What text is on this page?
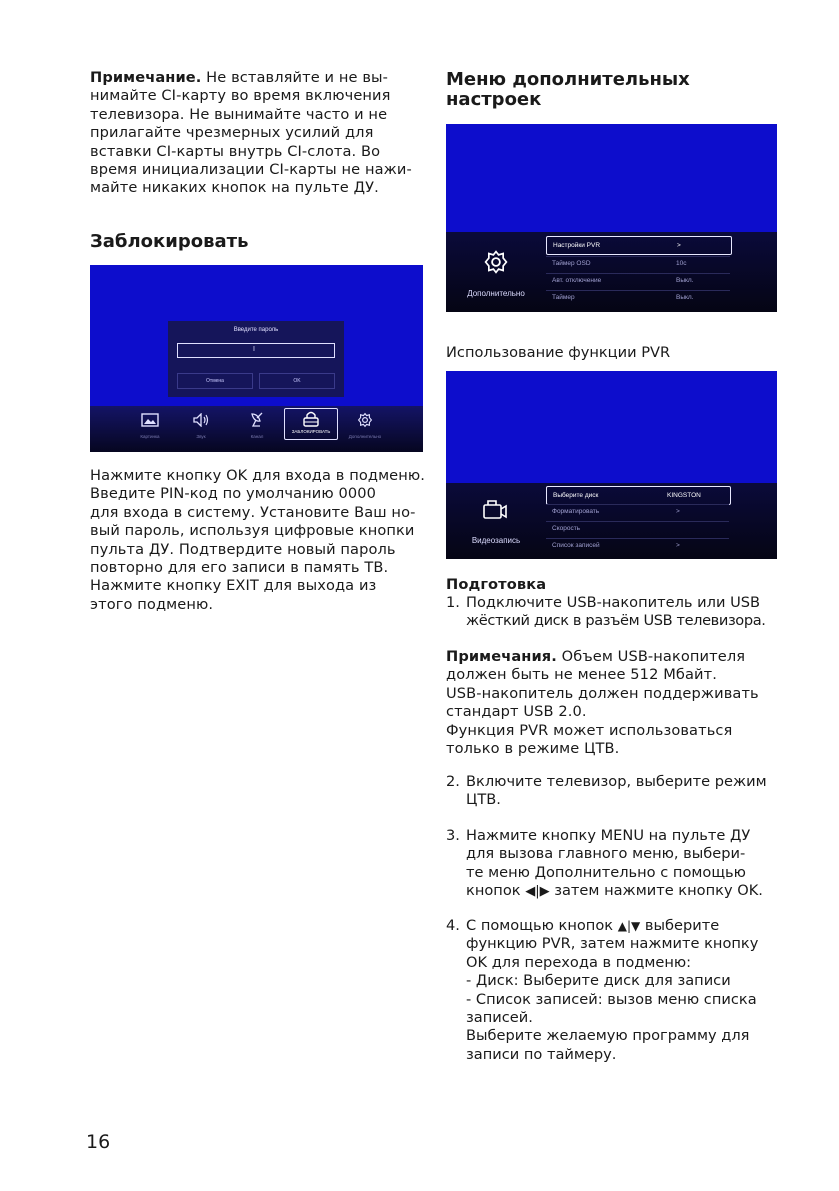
Примечание. Не вставляйте и не вы-

нимайте CI-карту во время включения

телевизора. Не вынимайте часто и не

прилагайте чрезмерных усилий для

вставки CI-карты внутрь CI-слота. Во

время инициализации CI-карты не нажи-

майте никаких кнопок на пульте ДУ.

Заблокировать
Введите пароль
I
Отмена	OK
Картинка	Звук	Канал
ЗАБЛОКИРОВАТЬ
Дополнительно

Нажмите кнопку OK для входа в подменю.

Введите PIN-код по умолчанию 0000

для входа в систему. Установите Ваш но-

вый пароль, используя цифровые кнопки

пульта ДУ. Подтвердите новый пароль

повторно для его записи в память ТВ.

Нажмите кнопку EXIT для выхода из

этого подменю.

Меню дополнительных
настроек
Дополнительно
Настройки PVR	>
Таймер OSD	10с
Авт. отключение	Выкл.
Таймер	Выкл.
Использование функции PVR
Видеозапись
Выберите диск	KINGSTON
Форматировать	>
Скорость
Список записей	>
Подготовка
1. Подключите USB-накопитель или USB
жёсткий диск в разъём USB телевизора.

Примечания. Объем USB-накопителя

должен быть не менее 512 Мбайт.

USB-накопитель должен поддерживать

стандарт USB 2.0.

Функция PVR может использоваться

только в режиме ЦТВ.

2. Включите телевизор, выберите режим
ЦТВ.
3. Нажмите кнопку MENU на пульте ДУ
для вызова главного меню, выбери-
те меню Дополнительно с помощью
кнопок ◀|▶ затем нажмите кнопку OK.
4. С помощью кнопок ▲|▼ выберите
функцию PVR, затем нажмите кнопку
OK для перехода в подменю:
- Диск: Выберите диск для записи
- Список записей: вызов меню списка
записей.
Выберите желаемую программу для
записи по таймеру.
16
